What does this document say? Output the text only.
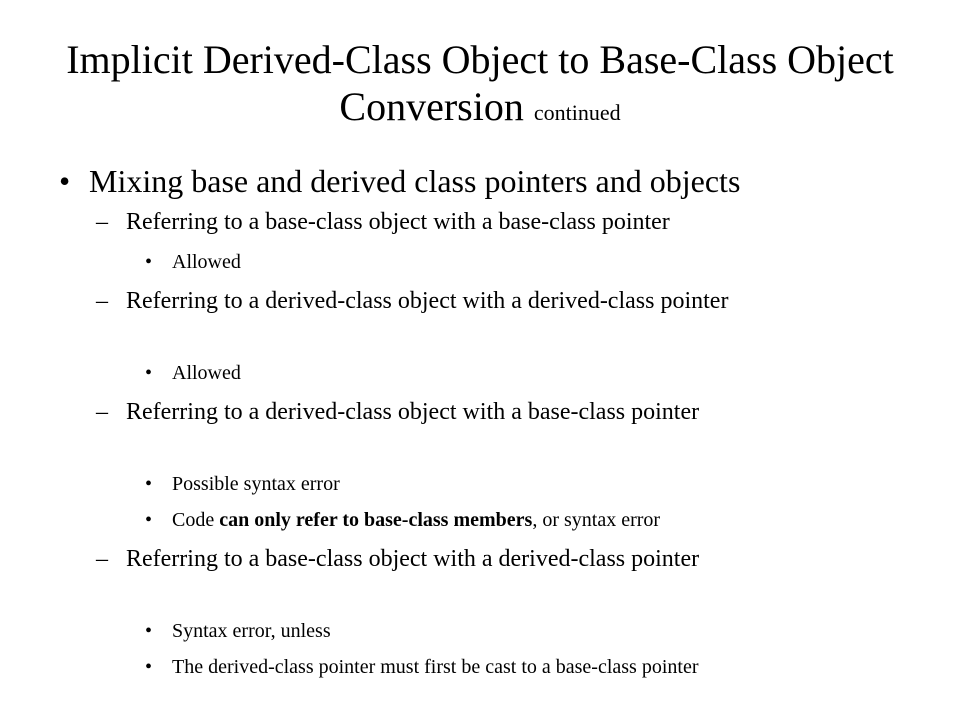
Implicit Derived-Class Object to Base-Class Object Conversion continued
• Mixing base and derived class pointers and objects
– Referring to a base-class object with a base-class pointer
• Allowed
– Referring to a derived-class object with a derived-class pointer
• Allowed
– Referring to a derived-class object with a base-class pointer
• Possible syntax error
• Code can only refer to base-class members, or syntax error
– Referring to a base-class object with a derived-class pointer
• Syntax error, unless
• The derived-class pointer must first be cast to a base-class pointer
